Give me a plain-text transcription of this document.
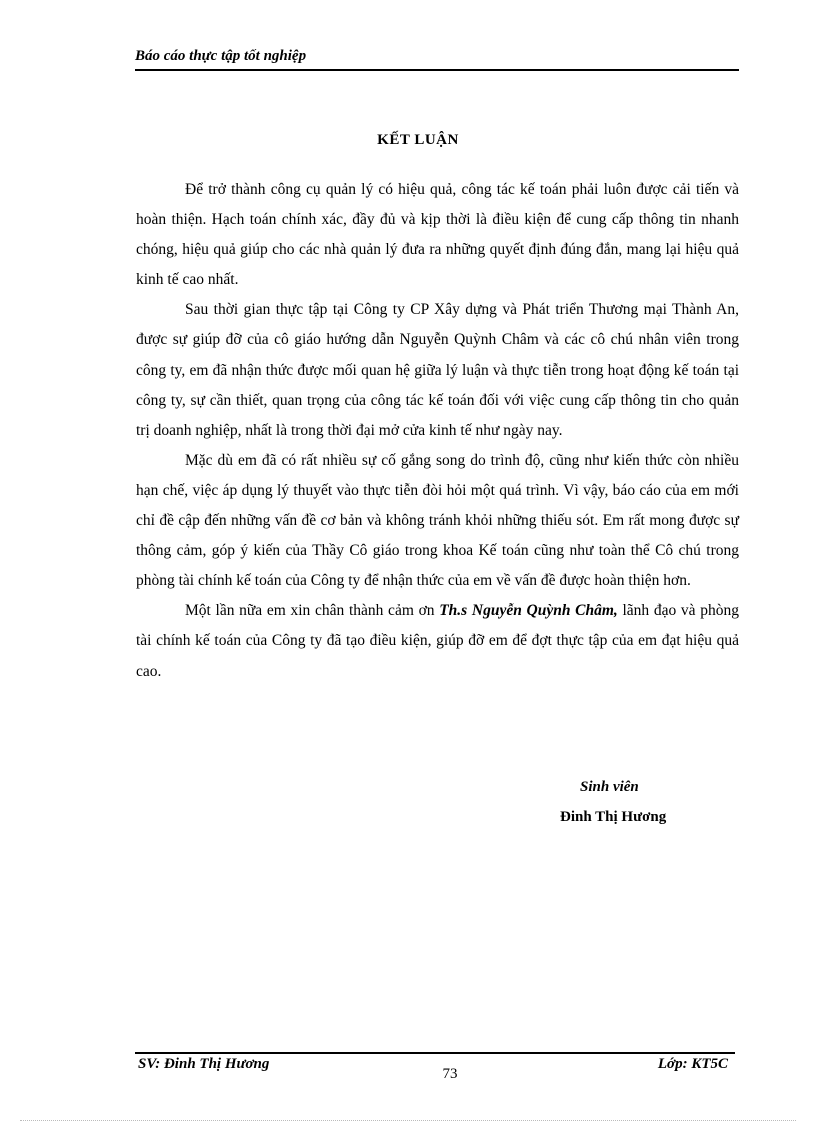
Báo cáo thực tập tốt nghiệp
KẾT LUẬN

Để trở thành công cụ quản lý có hiệu quả, công tác kế toán phải luôn được cải tiến và hoàn thiện. Hạch toán chính xác, đầy đủ và kịp thời là điều kiện để cung cấp thông tin nhanh chóng, hiệu quả giúp cho các nhà quản lý đưa ra những quyết định đúng đắn, mang lại hiệu quả kinh tế cao nhất.

Sau thời gian thực tập tại Công ty CP Xây dựng và Phát triển Thương mại Thành An, được sự giúp đỡ của cô giáo hướng dẫn Nguyễn Quỳnh Châm và các cô chú nhân viên trong công ty, em đã nhận thức được mối quan hệ giữa lý luận và thực tiễn trong hoạt động kế toán tại công ty, sự cần thiết, quan trọng của công tác kế toán đối với việc cung cấp thông tin cho quản trị doanh nghiệp, nhất là trong thời đại mở cửa kinh tế như ngày nay.

Mặc dù em đã có rất nhiều sự cố gắng song do trình độ, cũng như kiến thức còn nhiều hạn chế, việc áp dụng lý thuyết vào thực tiễn đòi hỏi một quá trình. Vì vậy, báo cáo của em mới chỉ đề cập đến những vấn đề cơ bản và không tránh khỏi những thiếu sót. Em rất mong được sự thông cảm, góp ý kiến của Thầy Cô giáo trong khoa Kế toán cũng như toàn thể Cô chú trong phòng tài chính kế toán của Công ty để nhận thức của em về vấn đề được hoàn thiện hơn.

Một lần nữa em xin chân thành cảm ơn Th.s Nguyễn Quỳnh Châm, lãnh đạo và phòng tài chính kế toán của Công ty đã tạo điều kiện, giúp đỡ em để đợt thực tập của em đạt hiệu quả cao.

Sinh viên
Đinh Thị Hương
SV: Đinh Thị Hương
73
Lớp: KT5C
